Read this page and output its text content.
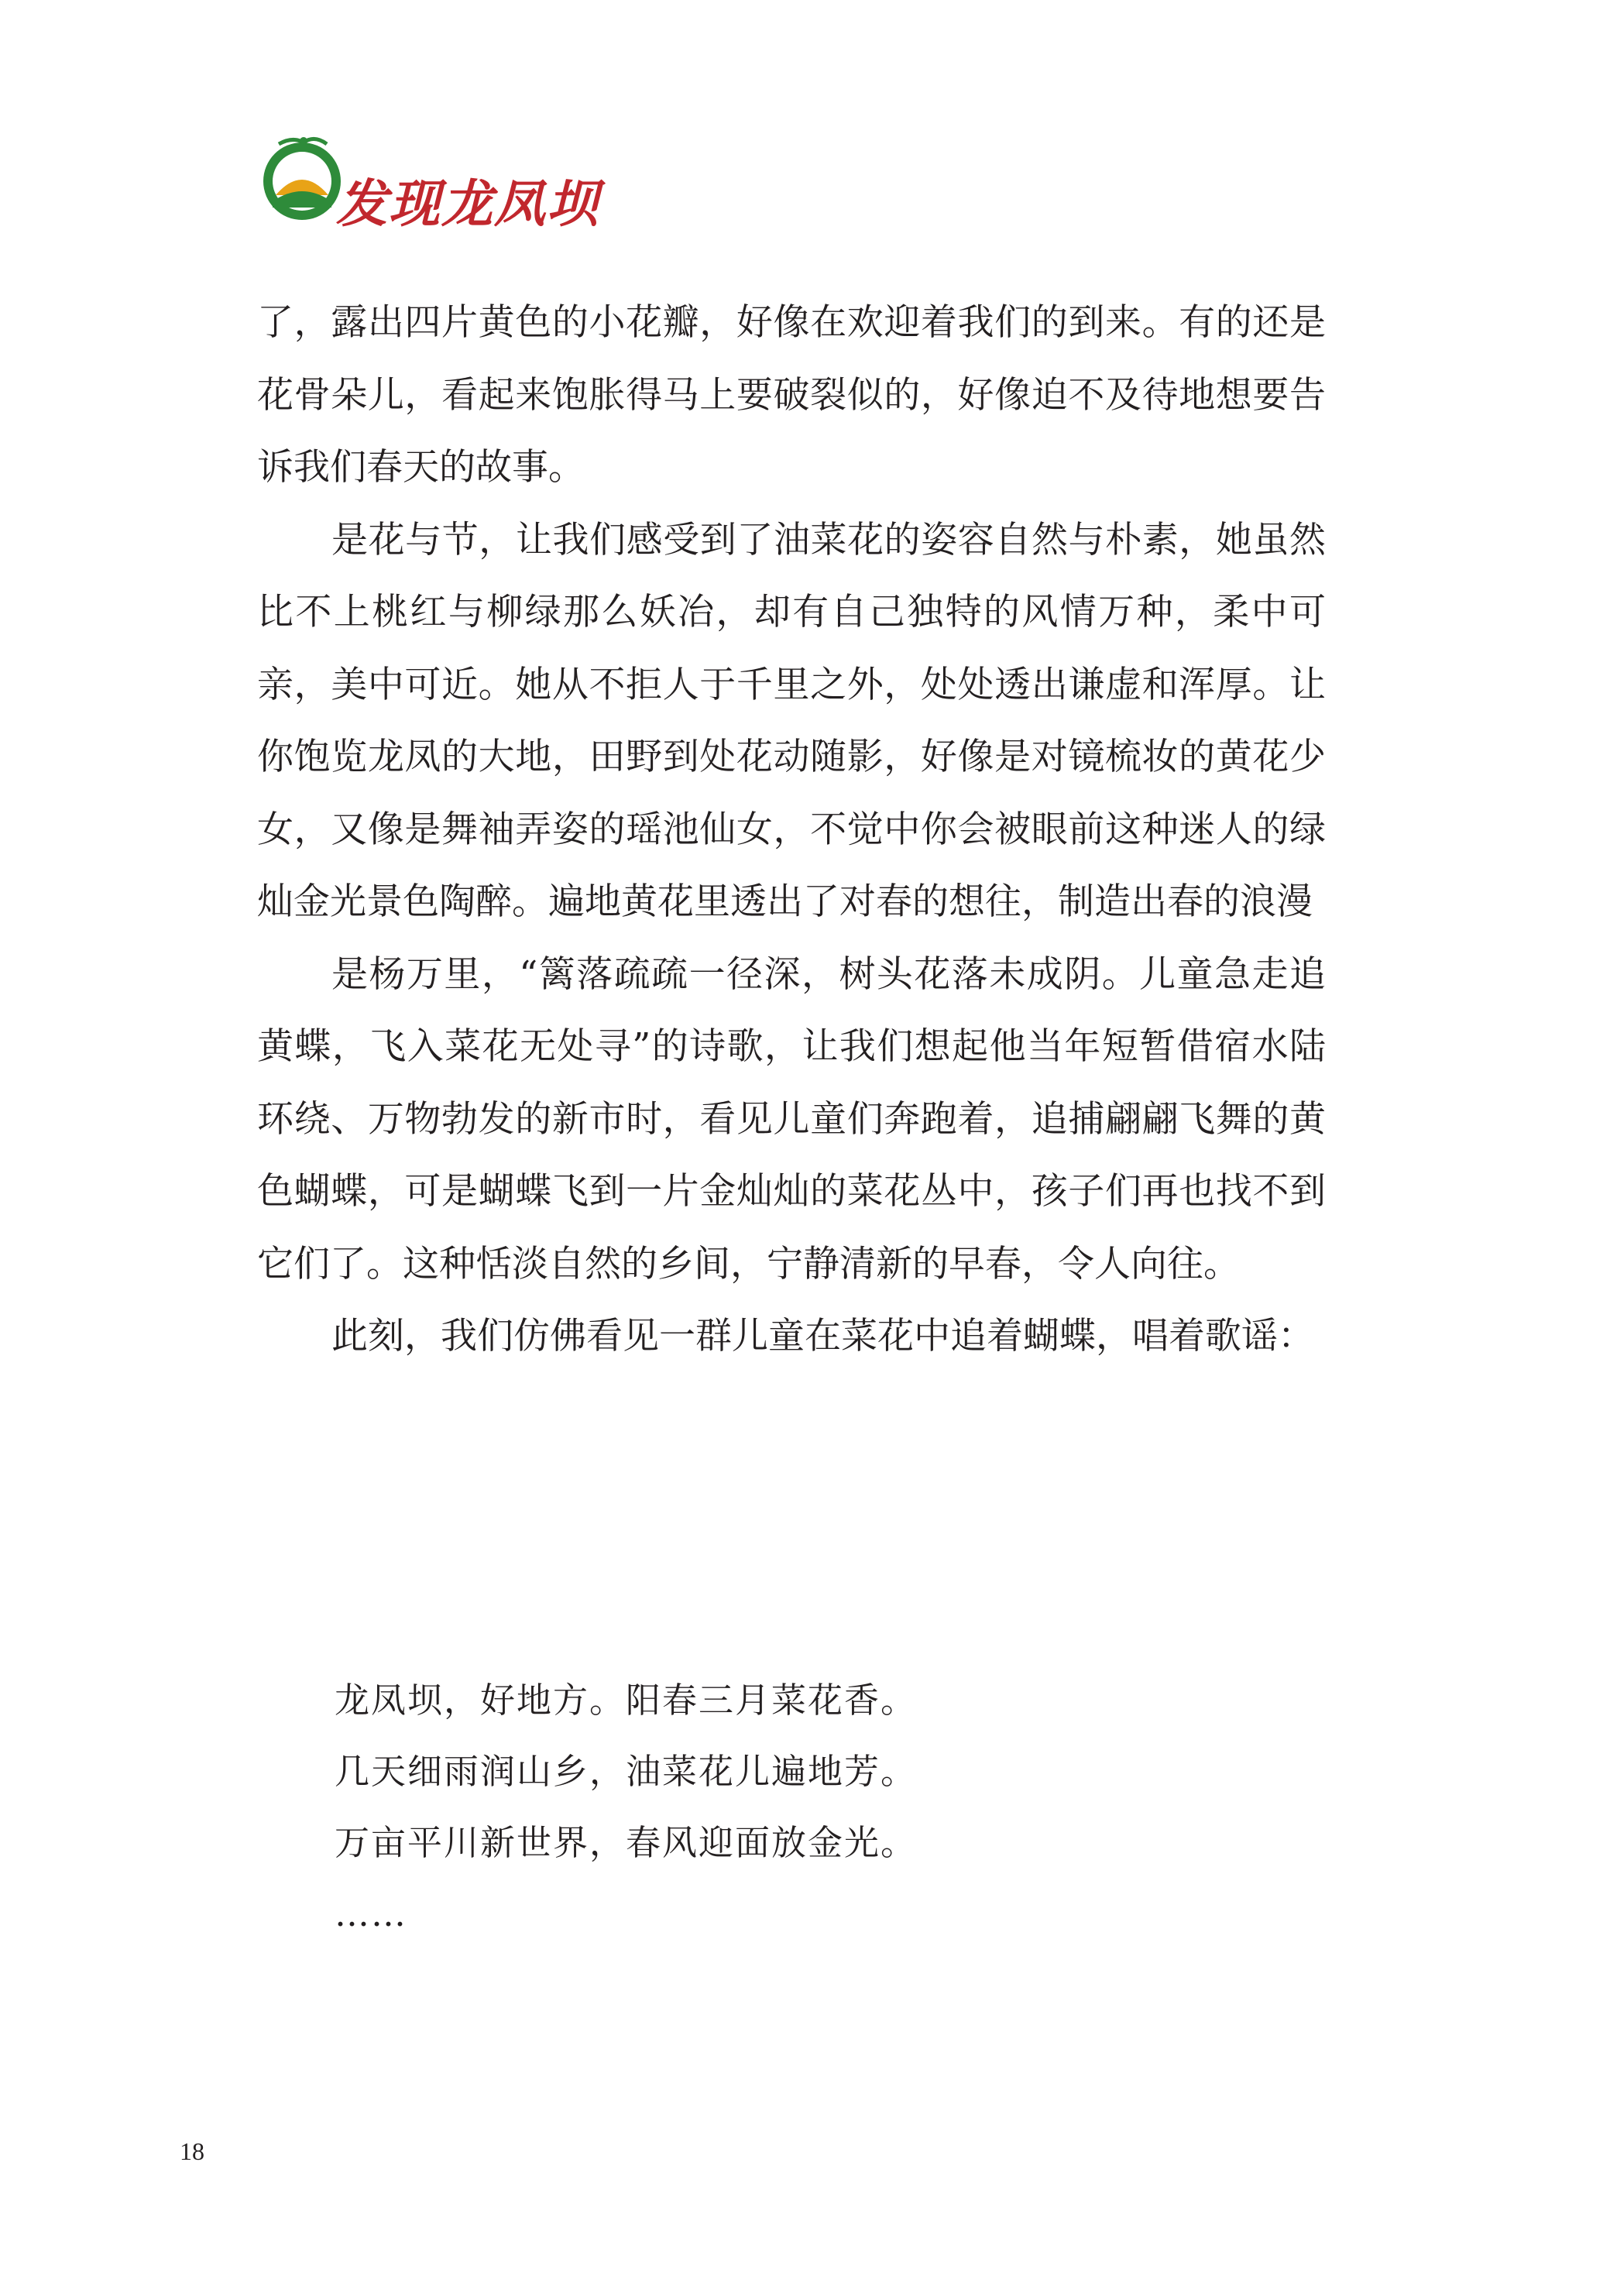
发现龙凤坝

了，露出四片黄色的小花瓣，好像在欢迎着我们的到来。有的还是花骨朵儿，看起来饱胀得马上要破裂似的，好像迫不及待地想要告诉我们春天的故事。

是花与节，让我们感受到了油菜花的姿容自然与朴素，她虽然比不上桃红与柳绿那么妖冶，却有自己独特的风情万种，柔中可亲，美中可近。她从不拒人于千里之外，处处透出谦虚和浑厚。让你饱览龙凤的大地，田野到处花动随影，好像是对镜梳妆的黄花少女，又像是舞袖弄姿的瑶池仙女，不觉中你会被眼前这种迷人的绿灿金光景色陶醉。遍地黄花里透出了对春的想往，制造出春的浪漫

是杨万里，“篱落疏疏一径深，树头花落未成阴。儿童急走追黄蝶，飞入菜花无处寻”的诗歌，让我们想起他当年短暂借宿水陆环绕、万物勃发的新市时，看见儿童们奔跑着，追捕翩翩飞舞的黄色蝴蝶，可是蝴蝶飞到一片金灿灿的菜花丛中，孩子们再也找不到它们了。这种恬淡自然的乡间，宁静清新的早春，令人向往。

此刻，我们仿佛看见一群儿童在菜花中追着蝴蝶，唱着歌谣：

龙凤坝，好地方。阳春三月菜花香。
几天细雨润山乡，油菜花儿遍地芳。
万亩平川新世界，春风迎面放金光。
……
18
